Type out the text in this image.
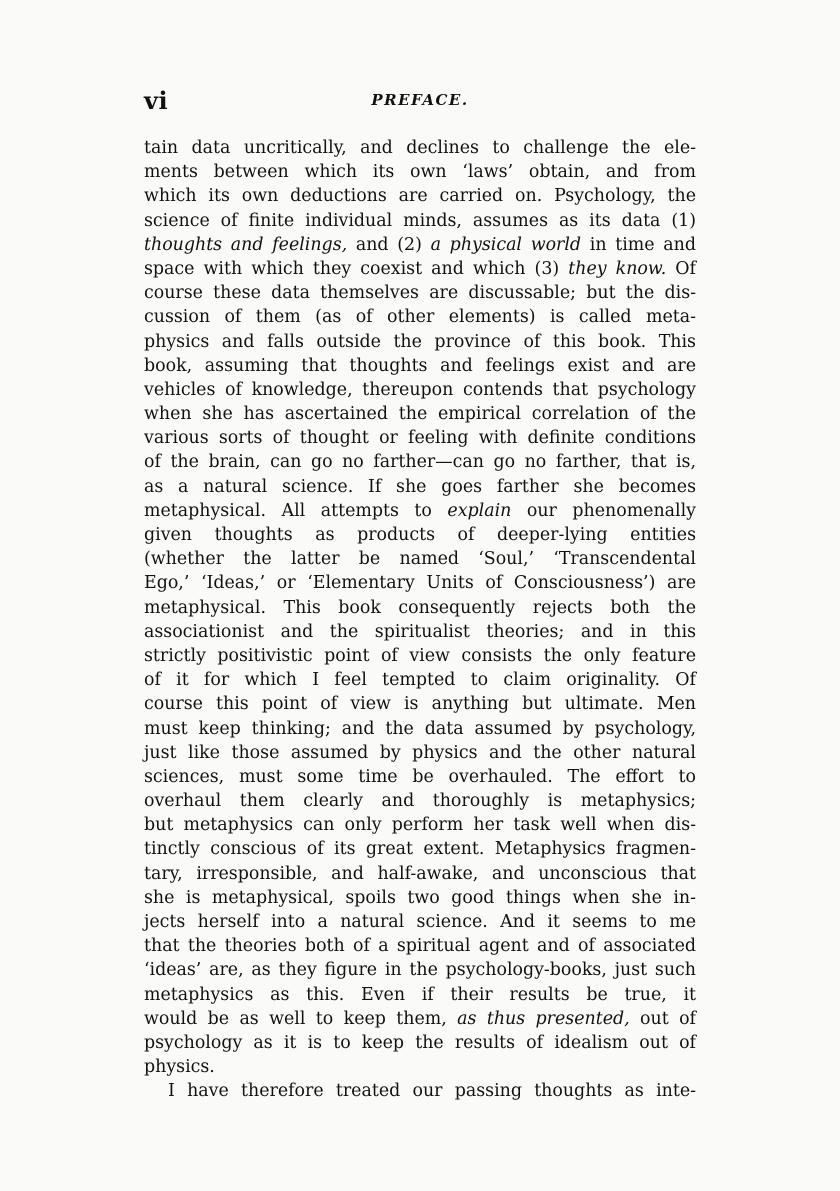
vi	PREFACE.
tain data uncritically, and declines to challenge the ele-
ments between which its own ‘laws’ obtain, and from
which its own deductions are carried on. Psychology, the
science of finite individual minds, assumes as its data (1)
thoughts and feelings, and (2) a physical world in time and
space with which they coexist and which (3) they know. Of
course these data themselves are discussable; but the dis-
cussion of them (as of other elements) is called meta-
physics and falls outside the province of this book. This
book, assuming that thoughts and feelings exist and are
vehicles of knowledge, thereupon contends that psychology
when she has ascertained the empirical correlation of the
various sorts of thought or feeling with definite conditions
of the brain, can go no farther—can go no farther, that is,
as a natural science. If she goes farther she becomes
metaphysical. All attempts to explain our phenomenally
given thoughts as products of deeper-lying entities
(whether the latter be named ‘Soul,’ ‘Transcendental
Ego,’ ‘Ideas,’ or ‘Elementary Units of Consciousness’) are
metaphysical. This book consequently rejects both the
associationist and the spiritualist theories; and in this
strictly positivistic point of view consists the only feature
of it for which I feel tempted to claim originality. Of
course this point of view is anything but ultimate. Men
must keep thinking; and the data assumed by psychology,
just like those assumed by physics and the other natural
sciences, must some time be overhauled. The effort to
overhaul them clearly and thoroughly is metaphysics;
but metaphysics can only perform her task well when dis-
tinctly conscious of its great extent. Metaphysics fragmen-
tary, irresponsible, and half-awake, and unconscious that
she is metaphysical, spoils two good things when she in-
jects herself into a natural science. And it seems to me
that the theories both of a spiritual agent and of associated
‘ideas’ are, as they figure in the psychology-books, just such
metaphysics as this. Even if their results be true, it
would be as well to keep them, as thus presented, out of
psychology as it is to keep the results of idealism out of
physics.
I have therefore treated our passing thoughts as inte-
